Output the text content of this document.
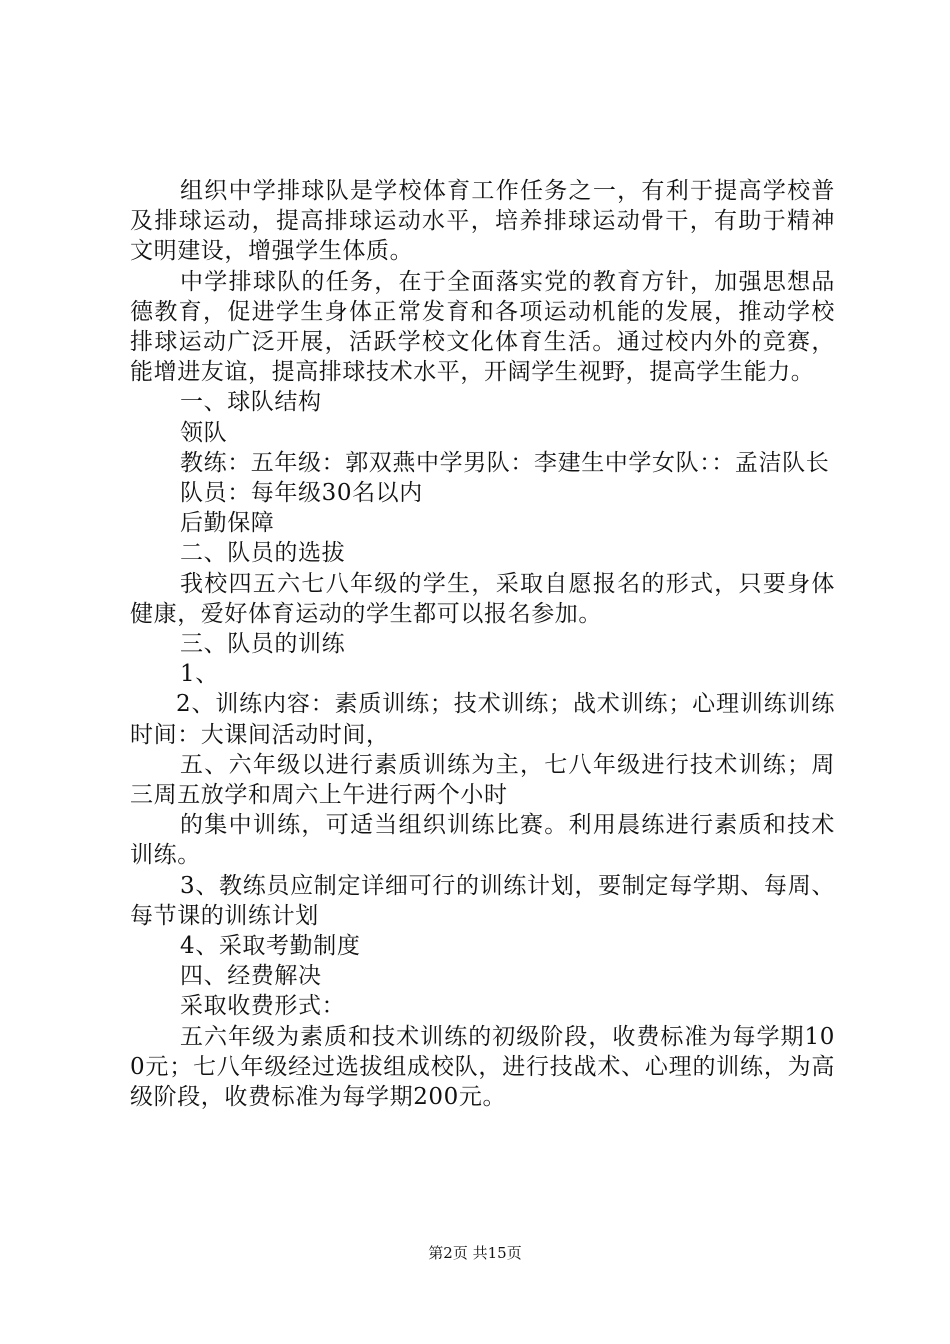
组织中学排球队是学校体育工作任务之一，有利于提高学校普及排球运动，提高排球运动水平，培养排球运动骨干，有助于精神文明建设，增强学生体质。

中学排球队的任务，在于全面落实党的教育方针，加强思想品德教育，促进学生身体正常发育和各项运动机能的发展，推动学校排球运动广泛开展，活跃学校文化体育生活。通过校内外的竞赛，能增进友谊，提高排球技术水平，开阔学生视野，提高学生能力。

一、球队结构

领队

教练：五年级：郭双燕中学男队：李建生中学女队：：孟洁队长

队员：每年级30名以内

后勤保障

二、队员的选拔

我校四五六七八年级的学生，采取自愿报名的形式，只要身体健康，爱好体育运动的学生都可以报名参加。

三、队员的训练

1、

2、训练内容：素质训练；技术训练；战术训练；心理训练训练时间：大课间活动时间，

五、六年级以进行素质训练为主，七八年级进行技术训练；周三周五放学和周六上午进行两个小时

的集中训练，可适当组织训练比赛。利用晨练进行素质和技术训练。

3、教练员应制定详细可行的训练计划，要制定每学期、每周、每节课的训练计划

4、采取考勤制度

四、经费解决

采取收费形式：

五六年级为素质和技术训练的初级阶段，收费标准为每学期100元；七八年级经过选拔组成校队，进行技战术、心理的训练，为高级阶段，收费标准为每学期200元。

第2页 共15页
